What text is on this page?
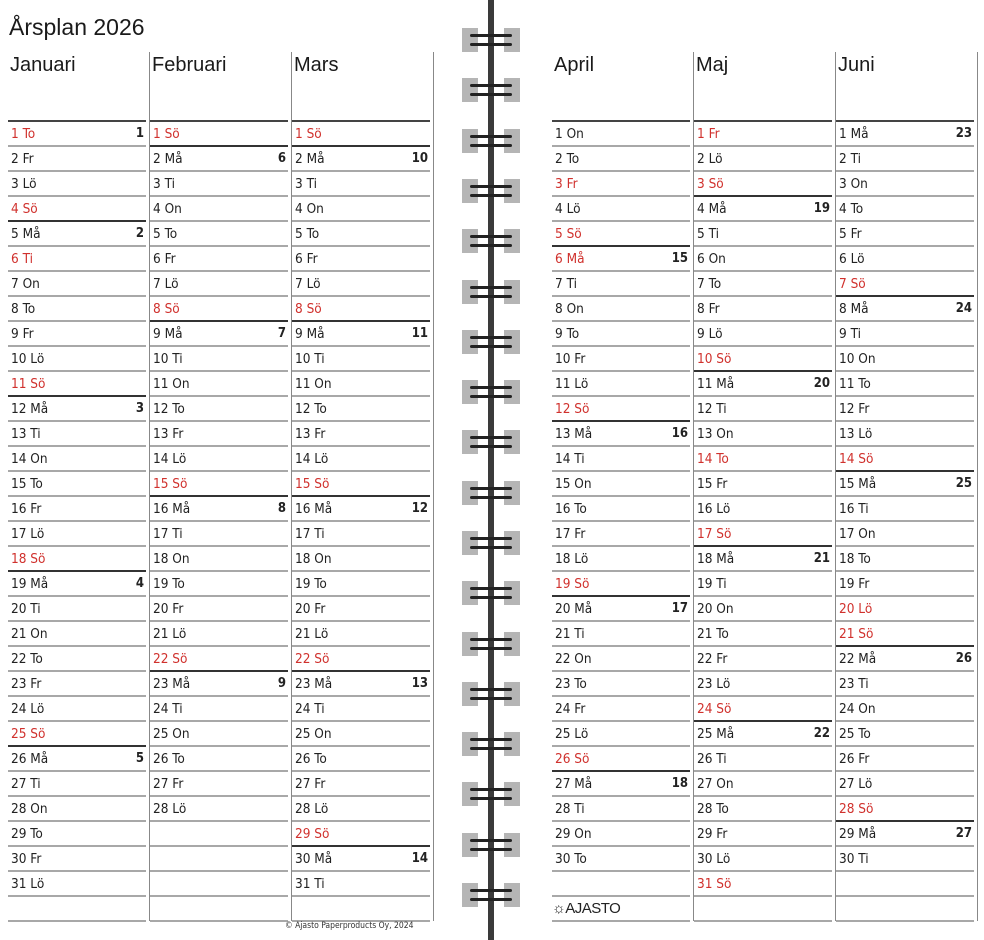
Årsplan 2026
Januari
1 To	1
2 Fr
3 Lö
4 Sö
5 Må	2
6 Ti
7 On
8 To
9 Fr
10 Lö
11 Sö
12 Må	3
13 Ti
14 On
15 To
16 Fr
17 Lö
18 Sö
19 Må	4
20 Ti
21 On
22 To
23 Fr
24 Lö
25 Sö
26 Må	5
27 Ti
28 On
29 To
30 Fr
31 Lö
Februari
1 Sö
2 Må	6
3 Ti
4 On
5 To
6 Fr
7 Lö
8 Sö
9 Må	7
10 Ti
11 On
12 To
13 Fr
14 Lö
15 Sö
16 Må	8
17 Ti
18 On
19 To
20 Fr
21 Lö
22 Sö
23 Må	9
24 Ti
25 On
26 To
27 Fr
28 Lö
Mars
1 Sö
2 Må	10
3 Ti
4 On
5 To
6 Fr
7 Lö
8 Sö
9 Må	11
10 Ti
11 On
12 To
13 Fr
14 Lö
15 Sö
16 Må	12
17 Ti
18 On
19 To
20 Fr
21 Lö
22 Sö
23 Må	13
24 Ti
25 On
26 To
27 Fr
28 Lö
29 Sö
30 Må	14
31 Ti
April
1 On
2 To
3 Fr
4 Lö
5 Sö
6 Må	15
7 Ti
8 On
9 To
10 Fr
11 Lö
12 Sö
13 Må	16
14 Ti
15 On
16 To
17 Fr
18 Lö
19 Sö
20 Må	17
21 Ti
22 On
23 To
24 Fr
25 Lö
26 Sö
27 Må	18
28 Ti
29 On
30 To
Maj
1 Fr
2 Lö
3 Sö
4 Må	19
5 Ti
6 On
7 To
8 Fr
9 Lö
10 Sö
11 Må	20
12 Ti
13 On
14 To
15 Fr
16 Lö
17 Sö
18 Må	21
19 Ti
20 On
21 To
22 Fr
23 Lö
24 Sö
25 Må	22
26 Ti
27 On
28 To
29 Fr
30 Lö
31 Sö
Juni
1 Må	23
2 Ti
3 On
4 To
5 Fr
6 Lö
7 Sö
8 Må	24
9 Ti
10 On
11 To
12 Fr
13 Lö
14 Sö
15 Må	25
16 Ti
17 On
18 To
19 Fr
20 Lö
21 Sö
22 Må	26
23 Ti
24 On
25 To
26 Fr
27 Lö
28 Sö
29 Må	27
30 Ti
© Ajasto Paperproducts Oy, 2024
☼AJASTO
